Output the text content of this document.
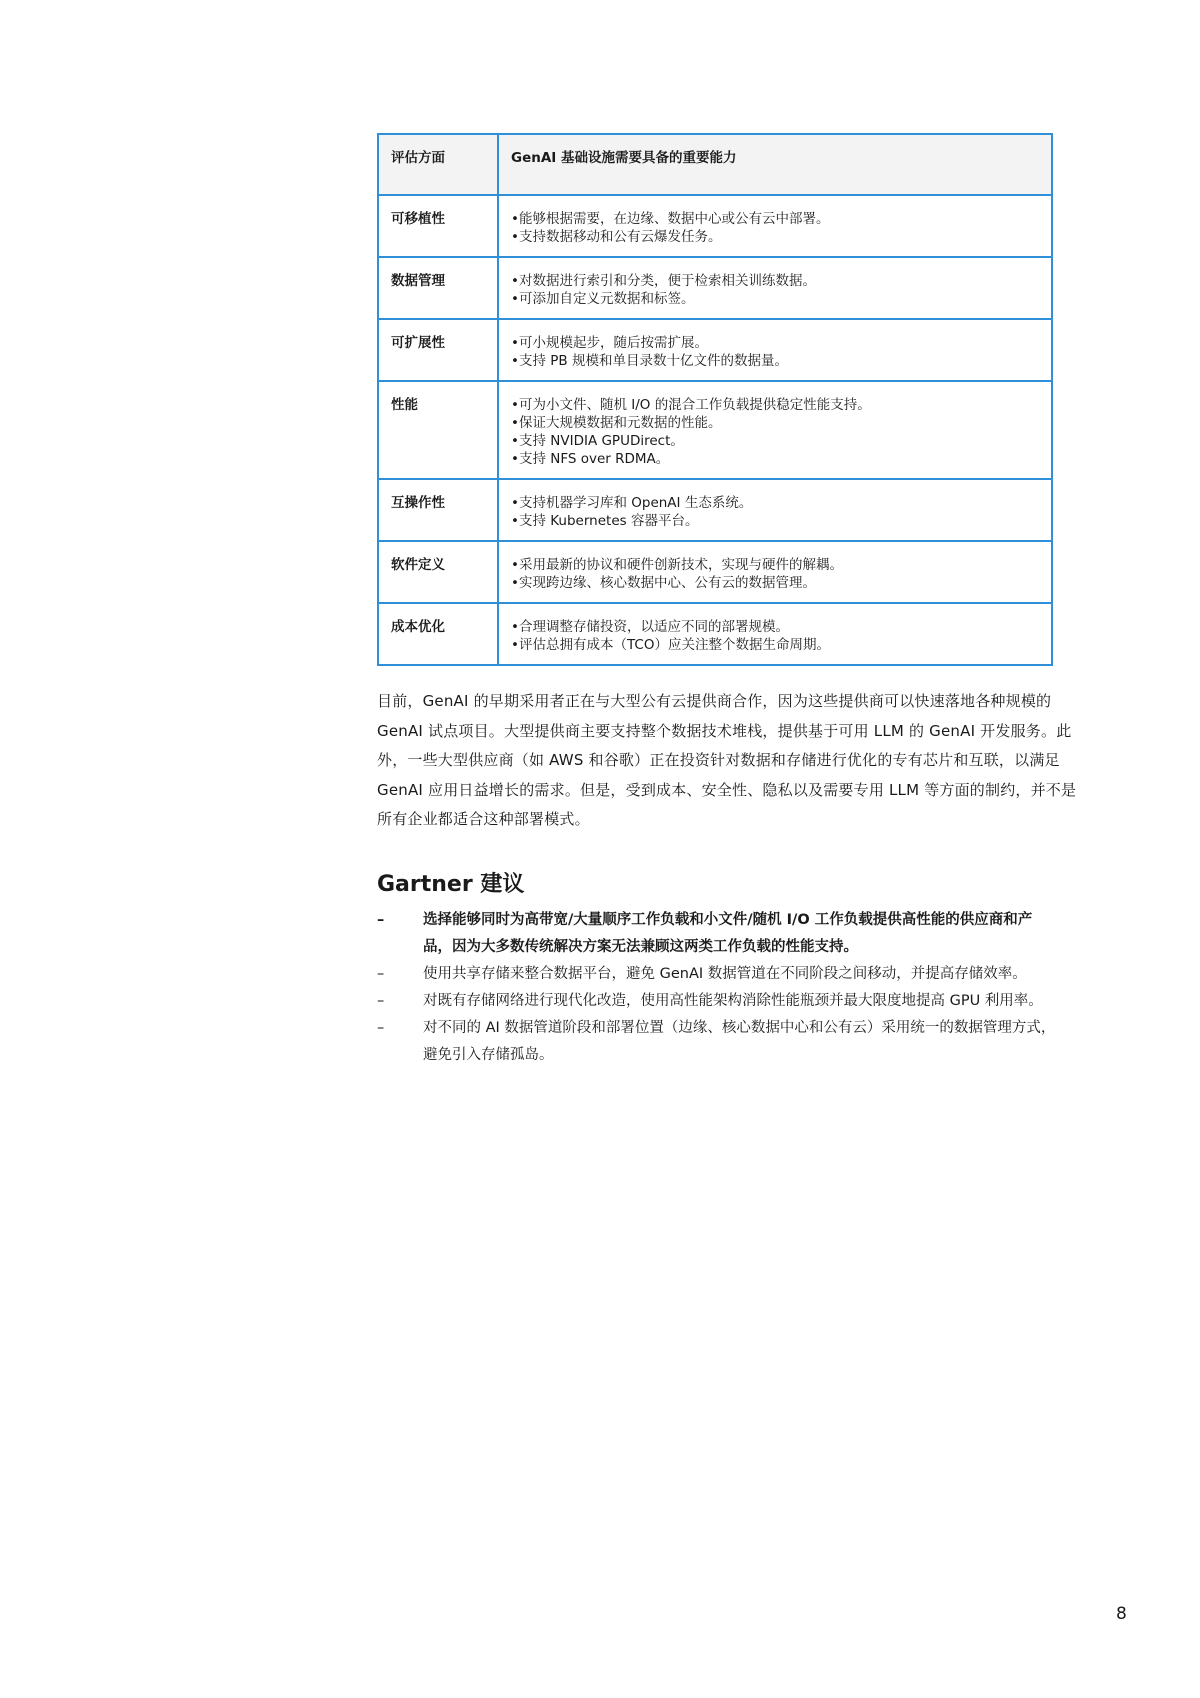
评估方面	GenAI 基础设施需要具备的重要能力
可移植性	•能够根据需要，在边缘、数据中心或公有云中部署。
•支持数据移动和公有云爆发任务。

数据管理	•对数据进行索引和分类，便于检索相关训练数据。
•可添加自定义元数据和标签。

可扩展性	•可小规模起步，随后按需扩展。
•支持 PB 规模和单目录数十亿文件的数据量。

性能	•可为小文件、随机 I/O 的混合工作负载提供稳定性能支持。
•保证大规模数据和元数据的性能。
•支持 NVIDIA GPUDirect。
•支持 NFS over RDMA。

互操作性	•支持机器学习库和 OpenAI 生态系统。
•支持 Kubernetes 容器平台。

软件定义	•采用最新的协议和硬件创新技术，实现与硬件的解耦。
•实现跨边缘、核心数据中心、公有云的数据管理。

成本优化	•合理调整存储投资，以适应不同的部署规模。
•评估总拥有成本（TCO）应关注整个数据生命周期。

目前，GenAI 的早期采用者正在与大型公有云提供商合作，因为这些提供商可以快速落地各种规模的
GenAI 试点项目。大型提供商主要支持整个数据技术堆栈，提供基于可用 LLM 的 GenAI 开发服务。此
外，一些大型供应商（如 AWS 和谷歌）正在投资针对数据和存储进行优化的专有芯片和互联，以满足
GenAI 应用日益增长的需求。但是，受到成本、安全性、隐私以及需要专用 LLM 等方面的制约，并不是
所有企业都适合这种部署模式。

Gartner 建议
–	选择能够同时为高带宽/大量顺序工作负载和小文件/随机 I/O 工作负载提供高性能的供应商和产
品，因为大多数传统解决方案无法兼顾这两类工作负载的性能支持。
–	使用共享存储来整合数据平台，避免 GenAI 数据管道在不同阶段之间移动，并提高存储效率。
–	对既有存储网络进行现代化改造，使用高性能架构消除性能瓶颈并最大限度地提高 GPU 利用率。
–	对不同的 AI 数据管道阶段和部署位置（边缘、核心数据中心和公有云）采用统一的数据管理方式，
避免引入存储孤岛。
8
